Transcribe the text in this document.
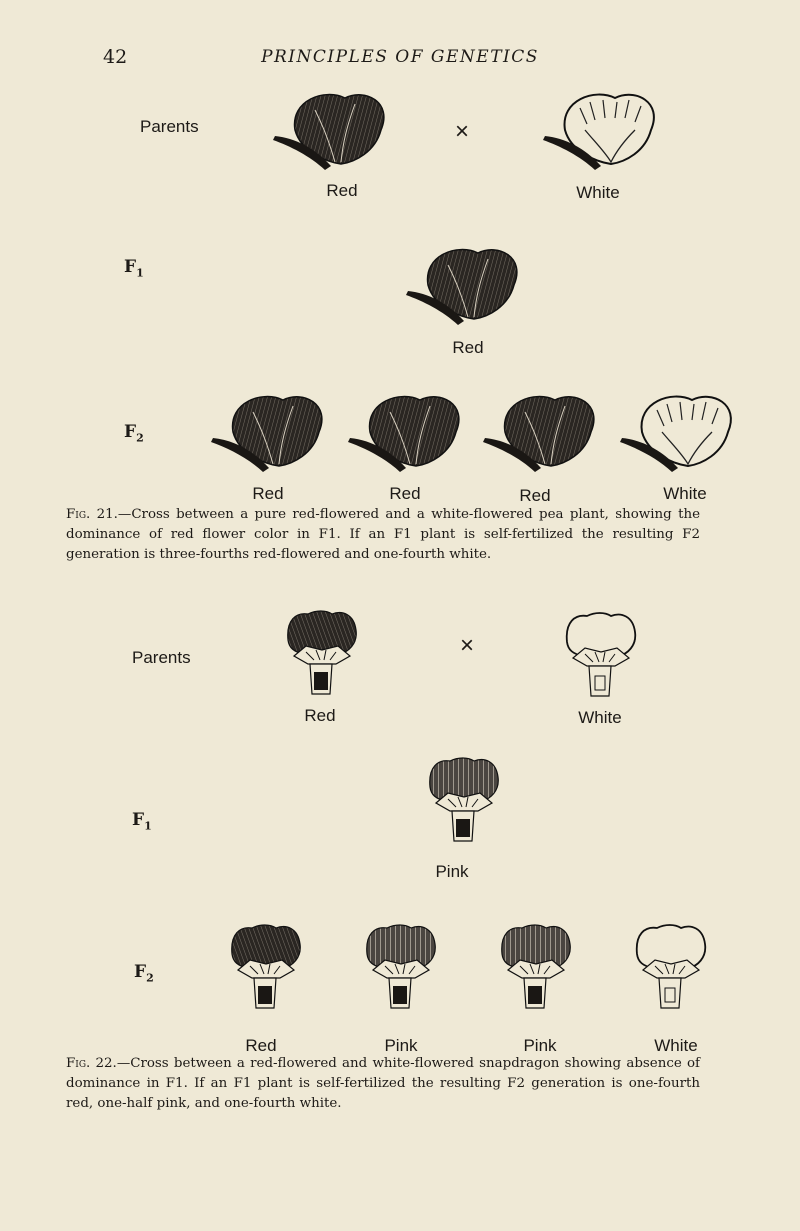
42	PRINCIPLES OF GENETICS
Parents	×
Red	White
$F_1$
Red
$F_2$
Red	Red	Red	White
Fig. 21.—Cross between a pure red-flowered and a white-flowered pea plant, showing the dominance of red flower color in F1. If an F1 plant is self-fertilized the resulting F2 generation is three-fourths red-flowered and one-fourth white.
Parents	×
Red	White
$F_1$
Pink
$F_2$
Red	Pink	Pink	White
Fig. 22.—Cross between a red-flowered and white-flowered snapdragon showing absence of dominance in F1. If an F1 plant is self-fertilized the resulting F2 generation is one-fourth red, one-half pink, and one-fourth white.
